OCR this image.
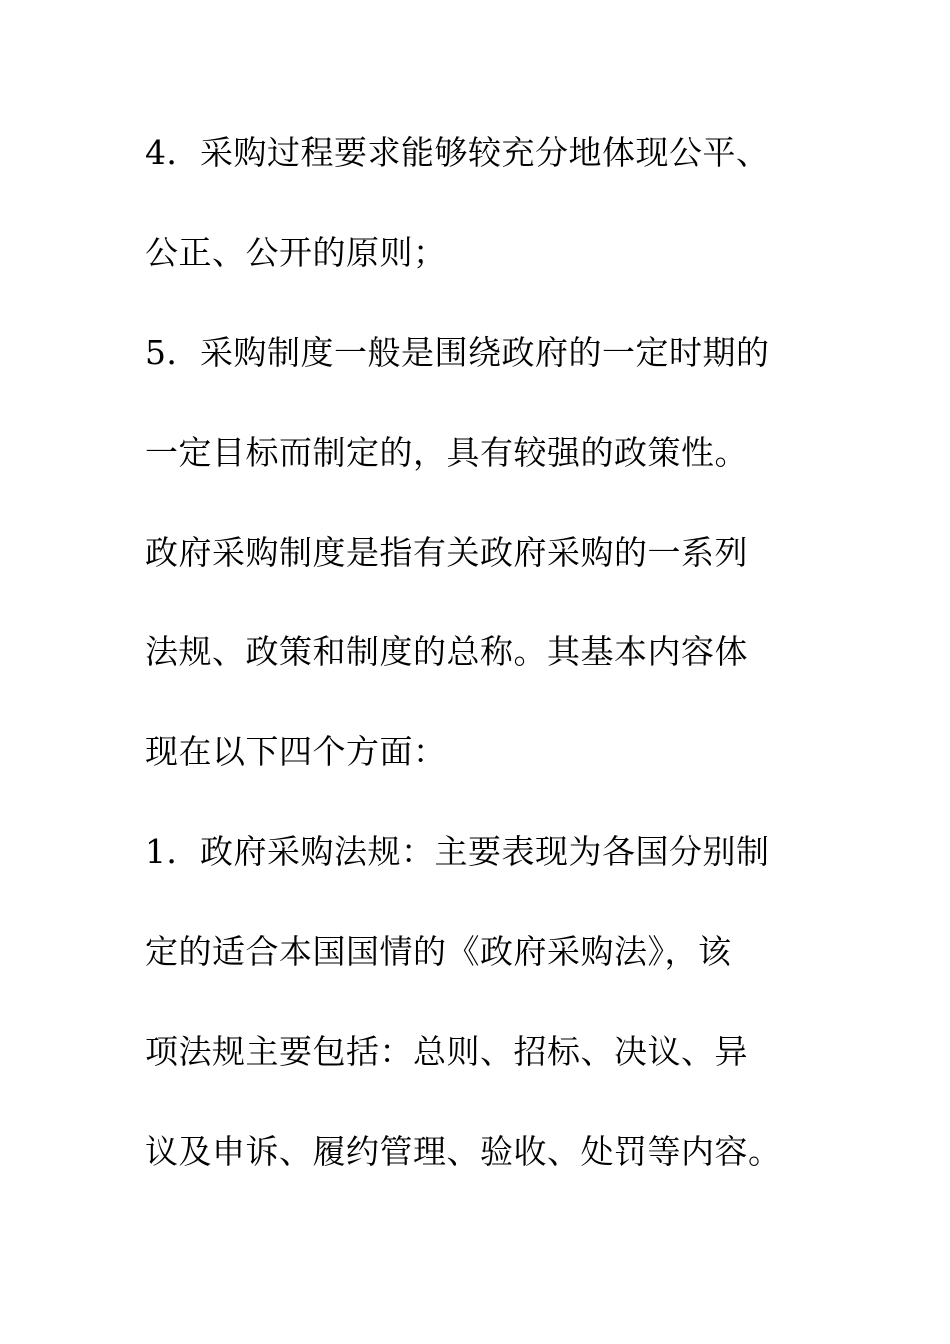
4．采购过程要求能够较充分地体现公平、
公正、公开的原则；
5．采购制度一般是围绕政府的一定时期的
一定目标而制定的，具有较强的政策性。
政府采购制度是指有关政府采购的一系列
法规、政策和制度的总称。其基本内容体
现在以下四个方面：
1．政府采购法规：主要表现为各国分别制
定的适合本国国情的《政府采购法》，该
项法规主要包括：总则、招标、决议、异
议及申诉、履约管理、验收、处罚等内容。
